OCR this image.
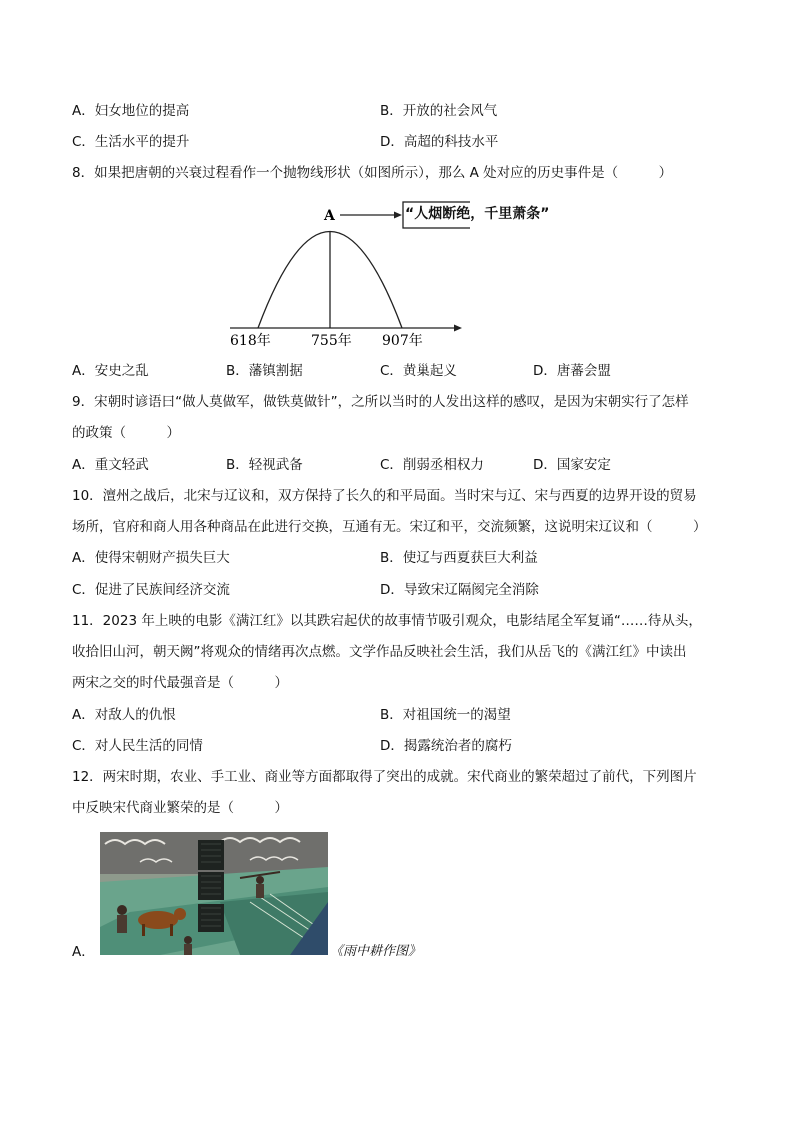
A．妇女地位的提高	B．开放的社会风气
C．生活水平的提升	D．高超的科技水平
8．如果把唐朝的兴衰过程看作一个抛物线形状（如图所示），那么 A 处对应的历史事件是（　　　）
A
618年	755年 907年
“人烟断绝，千里萧条”
A．安史之乱	B．藩镇割据	C．黄巢起义	D．唐蕃会盟
9．宋朝时谚语曰“做人莫做军，做铁莫做针”，之所以当时的人发出这样的感叹，是因为宋朝实行了怎样
的政策（　　　）
A．重文轻武	B．轻视武备	C．削弱丞相权力	D．国家安定
10．澶州之战后，北宋与辽议和，双方保持了长久的和平局面。当时宋与辽、宋与西夏的边界开设的贸易
场所，官府和商人用各种商品在此进行交换，互通有无。宋辽和平，交流频繁，这说明宋辽议和（　　　）
A．使得宋朝财产损失巨大	B．使辽与西夏获巨大利益
C．促进了民族间经济交流	D．导致宋辽隔阂完全消除
11．2023 年上映的电影《满江红》以其跌宕起伏的故事情节吸引观众，电影结尾全军复诵“……待从头，
收拾旧山河，朝天阙”将观众的情绪再次点燃。文学作品反映社会生活，我们从岳飞的《满江红》中读出
两宋之交的时代最强音是（　　　）
A．对敌人的仇恨	B．对祖国统一的渴望
C．对人民生活的同情	D．揭露统治者的腐朽
12．两宋时期，农业、手工业、商业等方面都取得了突出的成就。宋代商业的繁荣超过了前代，下列图片
中反映宋代商业繁荣的是（　　　）
A．	《雨中耕作图》
